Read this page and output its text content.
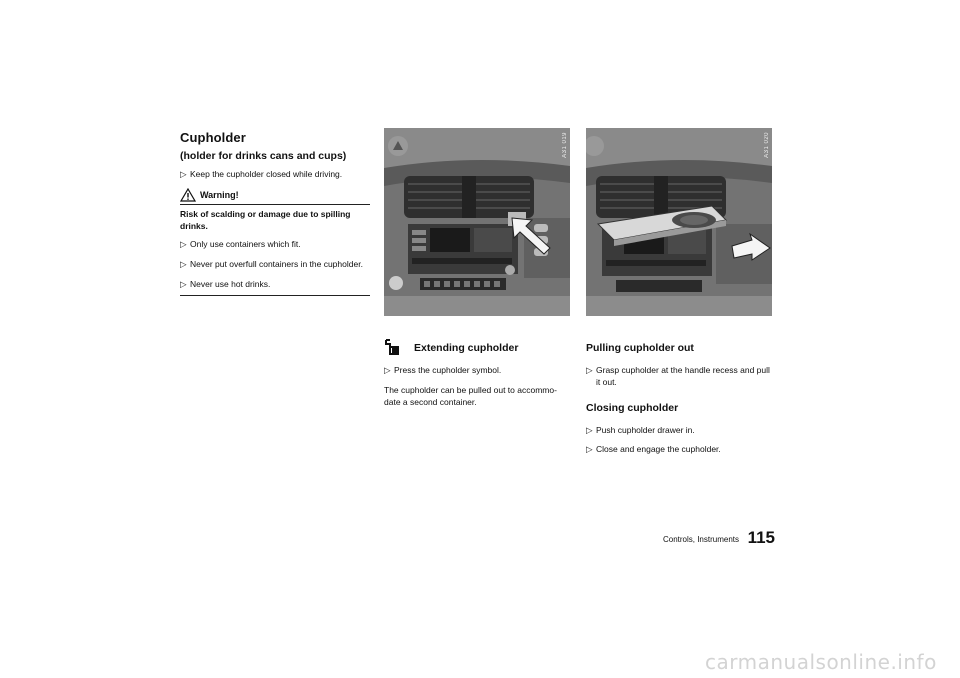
Cupholder
(holder for drinks cans and cups)
▷ Keep the cupholder closed while driving.
Warning!
Risk of scalding or damage due to spilling
drinks.
▷ Only use containers which fit.
▷ Never put overfull containers in the cupholder.
▷ Never use hot drinks.
A31 019	A31 020
Extending cupholder
▷ Press the cupholder symbol.
The cupholder can be pulled out to accommo-
date a second container.
Pulling cupholder out
▷ Grasp cupholder at the handle recess and pull
it out.
Closing cupholder
▷ Push cupholder drawer in.
▷ Close and engage the cupholder.
Controls, Instruments 115
carmanualsonline.info
